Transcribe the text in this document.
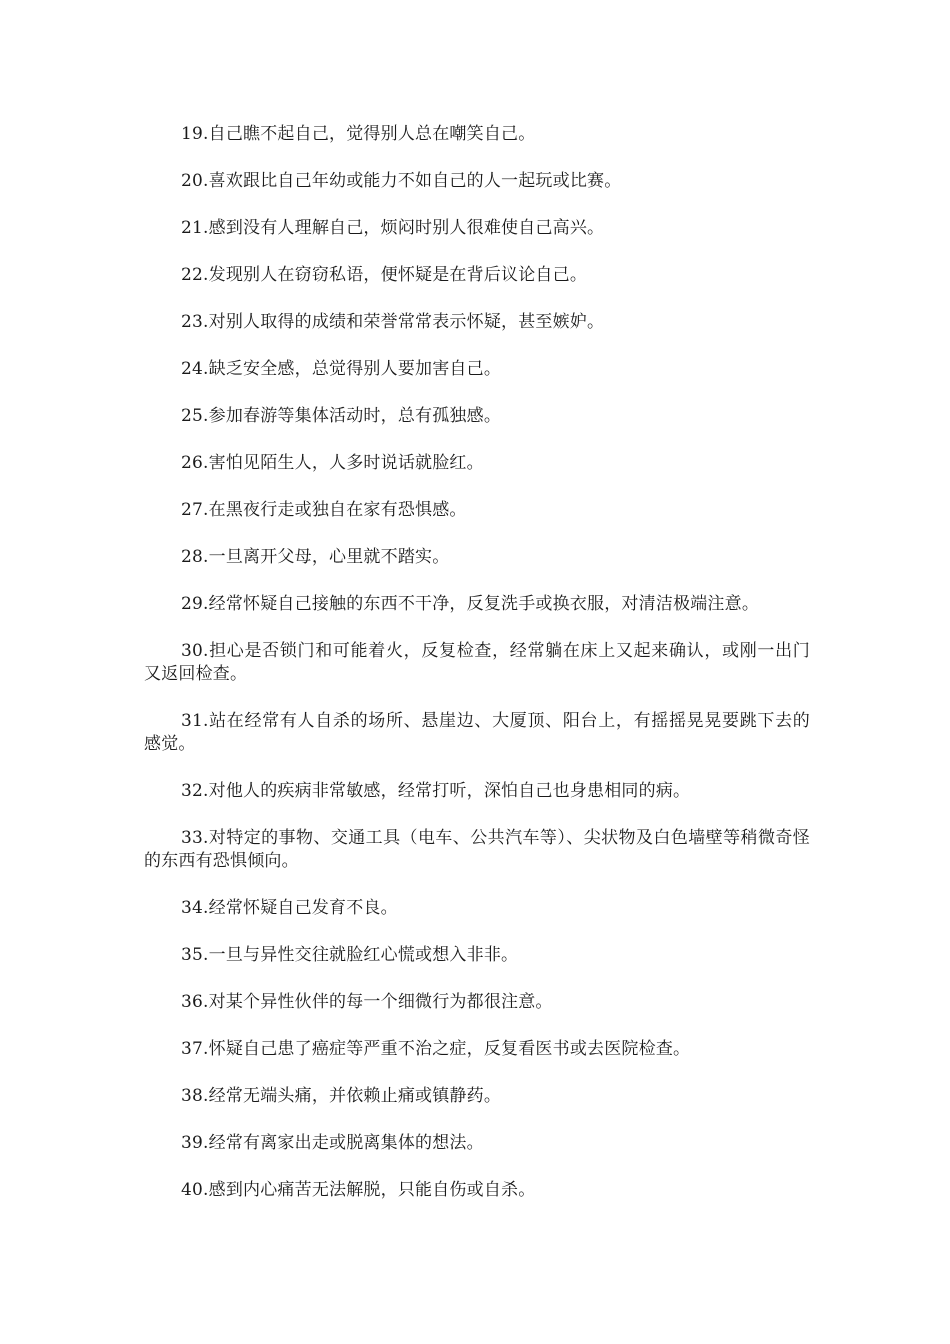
19.自己瞧不起自己，觉得别人总在嘲笑自己。

20.喜欢跟比自己年幼或能力不如自己的人一起玩或比赛。

21.感到没有人理解自己，烦闷时别人很难使自己高兴。

22.发现别人在窃窃私语，便怀疑是在背后议论自己。

23.对别人取得的成绩和荣誉常常表示怀疑，甚至嫉妒。

24.缺乏安全感，总觉得别人要加害自己。

25.参加春游等集体活动时，总有孤独感。

26.害怕见陌生人，人多时说话就脸红。

27.在黑夜行走或独自在家有恐惧感。

28.一旦离开父母，心里就不踏实。

29.经常怀疑自己接触的东西不干净，反复洗手或换衣服，对清洁极端注意。

30.担心是否锁门和可能着火，反复检查，经常躺在床上又起来确认，或刚一出门又返回检查。

31.站在经常有人自杀的场所、悬崖边、大厦顶、阳台上，有摇摇晃晃要跳下去的感觉。

32.对他人的疾病非常敏感，经常打听，深怕自己也身患相同的病。

33.对特定的事物、交通工具（电车、公共汽车等）、尖状物及白色墙壁等稍微奇怪的东西有恐惧倾向。

34.经常怀疑自己发育不良。

35.一旦与异性交往就脸红心慌或想入非非。

36.对某个异性伙伴的每一个细微行为都很注意。

37.怀疑自己患了癌症等严重不治之症，反复看医书或去医院检查。

38.经常无端头痛，并依赖止痛或镇静药。

39.经常有离家出走或脱离集体的想法。

40.感到内心痛苦无法解脱，只能自伤或自杀。
